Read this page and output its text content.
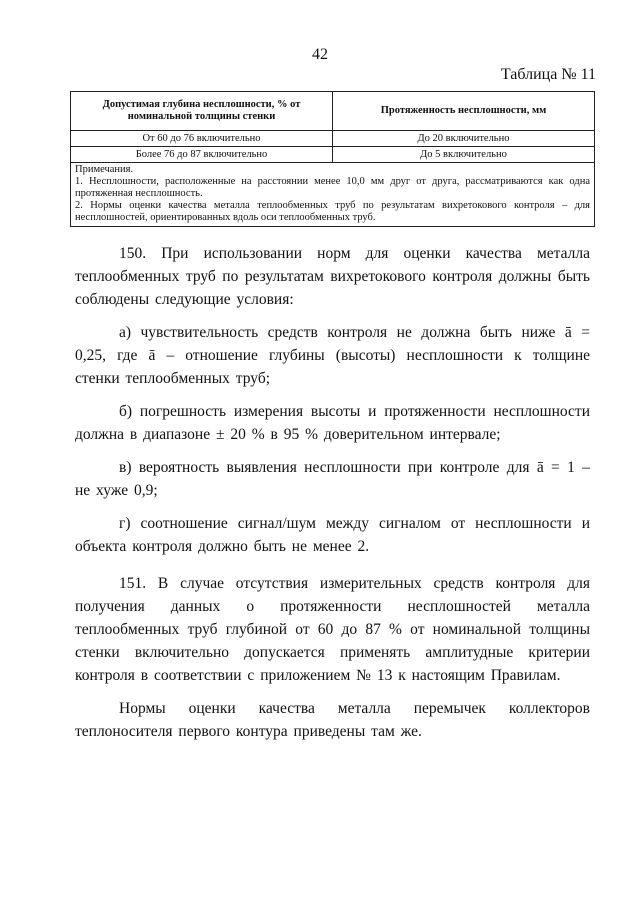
42
Таблица № 11
Допустимая глубина несплошности, % от номинальной толщины стенки	Протяженность несплошности, мм
От 60 до 76 включительно	До 20 включительно
Более 76 до 87 включительно	До 5 включительно

Примечания.
1. Несплошности, расположенные на расстоянии менее 10,0 мм друг от друга, рассматриваются как одна протяженная несплошность.
2. Нормы оценки качества металла теплообменных труб по результатам вихретокового контроля – для несплошностей, ориентированных вдоль оси теплообменных труб.	

150. При использовании норм для оценки качества металла теплообменных труб по результатам вихретокового контроля должны быть соблюдены следующие условия:

а) чувствительность средств контроля не должна быть ниже ā = 0,25, где ā – отношение глубины (высоты) несплошности к толщине стенки теплообменных труб;

б) погрешность измерения высоты и протяженности несплошности должна в диапазоне ± 20 % в 95 % доверительном интервале;

в) вероятность выявления несплошности при контроле для ā = 1 – не хуже 0,9;

г) соотношение сигнал/шум между сигналом от несплошности и объекта контроля должно быть не менее 2.

151. В случае отсутствия измерительных средств контроля для получения данных о протяженности несплошностей металла теплообменных труб глубиной от 60 до 87 % от номинальной толщины стенки включительно допускается применять амплитудные критерии контроля в соответствии с приложением № 13 к настоящим Правилам.

Нормы оценки качества металла перемычек коллекторов теплоносителя первого контура приведены там же.
